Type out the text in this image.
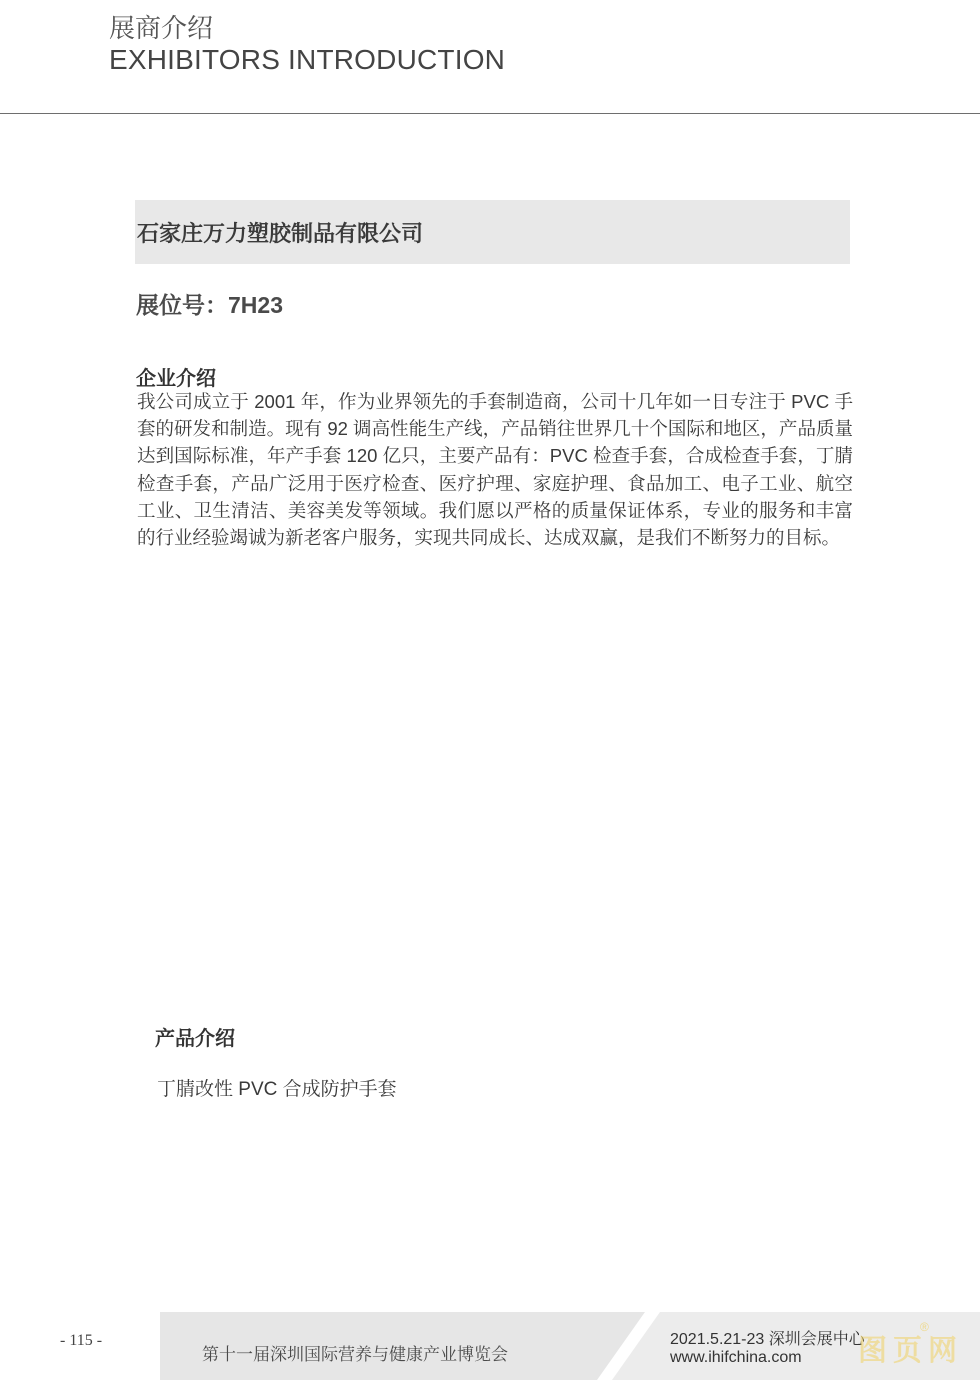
展商介绍
EXHIBITORS INTRODUCTION
石家庄万力塑胶制品有限公司
展位号：7H23
企业介绍
我公司成立于 2001 年，作为业界领先的手套制造商，公司十几年如一日专注于 PVC 手套的研发和制造。现有 92 调高性能生产线，产品销往世界几十个国际和地区，产品质量达到国际标准，年产手套 120 亿只，主要产品有：PVC 检查手套，合成检查手套，丁腈检查手套，产品广泛用于医疗检查、医疗护理、家庭护理、食品加工、电子工业、航空工业、卫生清洁、美容美发等领域。我们愿以严格的质量保证体系，专业的服务和丰富的行业经验竭诚为新老客户服务，实现共同成长、达成双赢，是我们不断努力的目标。
产品介绍
丁腈改性 PVC 合成防护手套
- 115 -
第十一届深圳国际营养与健康产业博览会
2021.5.21-23 深圳会展中心
www.ihifchina.com 图页网
®
